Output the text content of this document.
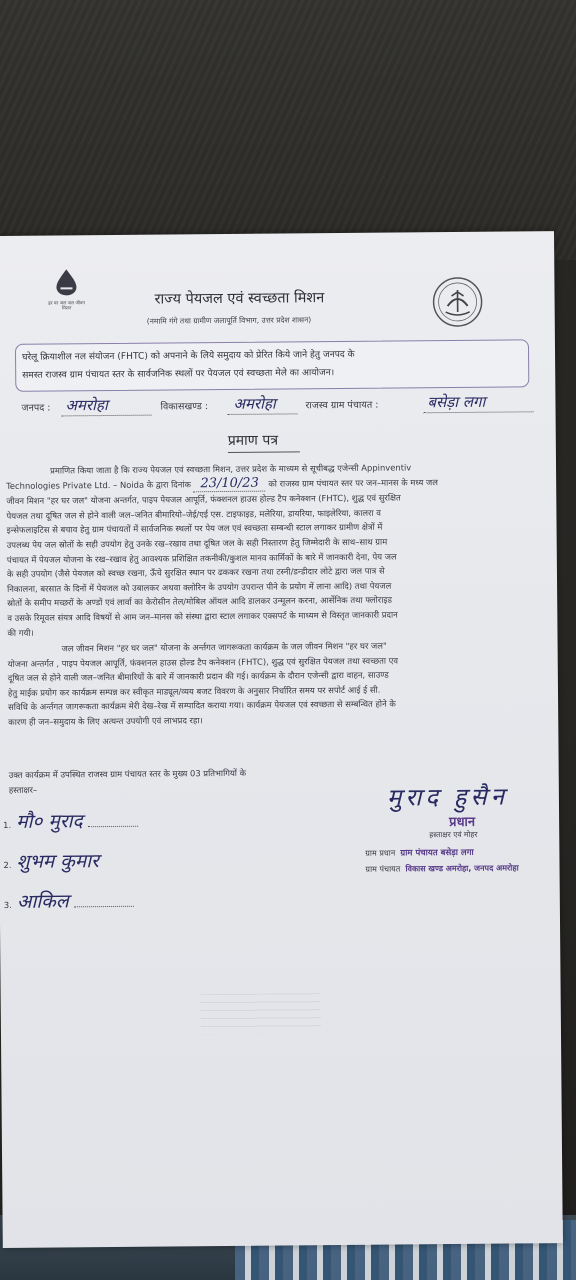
हर घर जल जल जीवन मिशन
राज्य पेयजल एवं स्वच्छता मिशन
(नमामि गंगे तथा ग्रामीण जलापूर्ति विभाग, उत्तर प्रदेश शासन)
घरेलू क्रियाशील नल संयोजन (FHTC) को अपनाने के लिये समुदाय को प्रेरित किये जाने हेतु जनपद के
समस्त राजस्व ग्राम पंचायत स्तर के सार्वजनिक स्थलों पर पेयजल एवं स्वच्छता मेले का आयोजन।
जनपद : अमरोहा	विकासखण्ड : अमरोहा	राजस्व ग्राम पंचायत :	बसेड़ा लगा
प्रमाण पत्र
प्रमाणित किया जाता है कि राज्य पेयजल एवं स्वच्छता मिशन, उत्तर प्रदेश के माध्यम से सूचीबद्ध एजेन्सी Appinventiv
Technologies Private Ltd. – Noida के द्वारा दिनांक 23/10/23 को राजस्व ग्राम पंचायत स्तर पर जन–मानस के मध्य जल
जीवन मिशन "हर घर जल" योजना अन्तर्गत, पाइप पेयजल आपूर्ति, फंक्शनल हाउस होल्ड टैप कनेक्शन (FHTC), शुद्ध एवं सुरक्षित
पेयजल तथा दूषित जल से होने वाली जल–जनित बीमारियो–जेई/एई एस. टाइफाइड, मलेरिया, डायरिया, फाइलेरिया, कालरा व
इन्सेफलाइटिस से बचाव हेतु ग्राम पंचायतों में सार्वजनिक स्थलों पर पेय जल एवं स्वच्छता सम्बन्धी स्टाल लगाकर ग्रामीण क्षेत्रों में
उपलब्ध पेय जल स्रोतों के सही उपयोग हेतु उनके रख–रखाव तथा दूषित जल के सही निस्तारण हेतु जिम्मेदारी के साथ–साथ ग्राम
पंचायत में पेयजल योजना के रख–रखाव हेतु आवश्यक प्रशिक्षित तकनीकी/कुशल मानव कार्मिकों के बारे में जानकारी देना, पेय जल
के सही उपयोग (जैसे पेयजल को स्वच्छ रखना, ऊँचे सुरक्षित स्थान पर ढककर रखना तथा टस्नी/डन्डीदार लोटे द्वारा जल पात्र से
निकालना, बरसात के दिनों में पेयजल को उबालकर अथवा क्लोरिन के उपयोग उपरान्त पीने के प्रयोग में लाना आदि) तथा पेयजल
स्रोतों के समीप मच्छरों के अण्डों एवं लार्वा का केरोसीन तेल/मोबिल ऑयल आदि डालकर उन्मूलन करना, आर्सेनिक तथा फ्लोराइड
व उसके रिमूवल संयत्र आदि विषयों से आम जन–मानस को संस्था द्वारा स्टाल लगाकर एक्सपर्ट के माध्यम से विस्तृत जानकारी प्रदान
की गयी।
जल जीवन मिशन "हर घर जल" योजना के अर्न्तगत जागरूकता कार्यक्रम के जल जीवन मिशन "हर घर जल"
योजना अन्तर्गत , पाइप पेयजल आपूर्ति, फंक्शनल हाउस होल्ड टैप कनेक्शन (FHTC), शुद्ध एवं सुरक्षित पेयजल तथा स्वच्छता एव
दूषित जल से होने वाली जल–जनित बीमारियों के बारे में जानकारी प्रदान की गई। कार्यक्रम के दौरान एजेन्सी द्वारा वाहन, साउण्ड
हेतु माईक प्रयोग कर कार्यक्रम सम्पन्न कर स्वीकृत माड्यूल/व्यय बजट विवरण के अनुसार निर्धारित समय पर सपोर्ट आई ई सी.
सविधि के अर्न्तगत जागरूकता कार्यक्रम मेरी देख–रेख में सम्पादित कराया गया। कार्यक्रम पेयजल एवं स्वच्छता से सम्बन्धित होने के
कारण ही जन–समुदाय के लिए अत्यन्त उपयोगी एवं लाभप्रद रहा।
उक्त कार्यक्रम में उपस्थित राजस्व ग्राम पंचायत स्तर के मुख्य 03 प्रतिभागियों के
हस्ताक्षर–
1. मौ० मुराद
2. शुभम कुमार
3. आकिल
मुराद हुसैन
प्रधान
हस्ताक्षर एवं मोहर
ग्राम प्रधान ग्राम पंचायत बसेड़ा लगा
ग्राम पंचायत विकास खण्ड अमरोहा, जनपद अमरोहा
